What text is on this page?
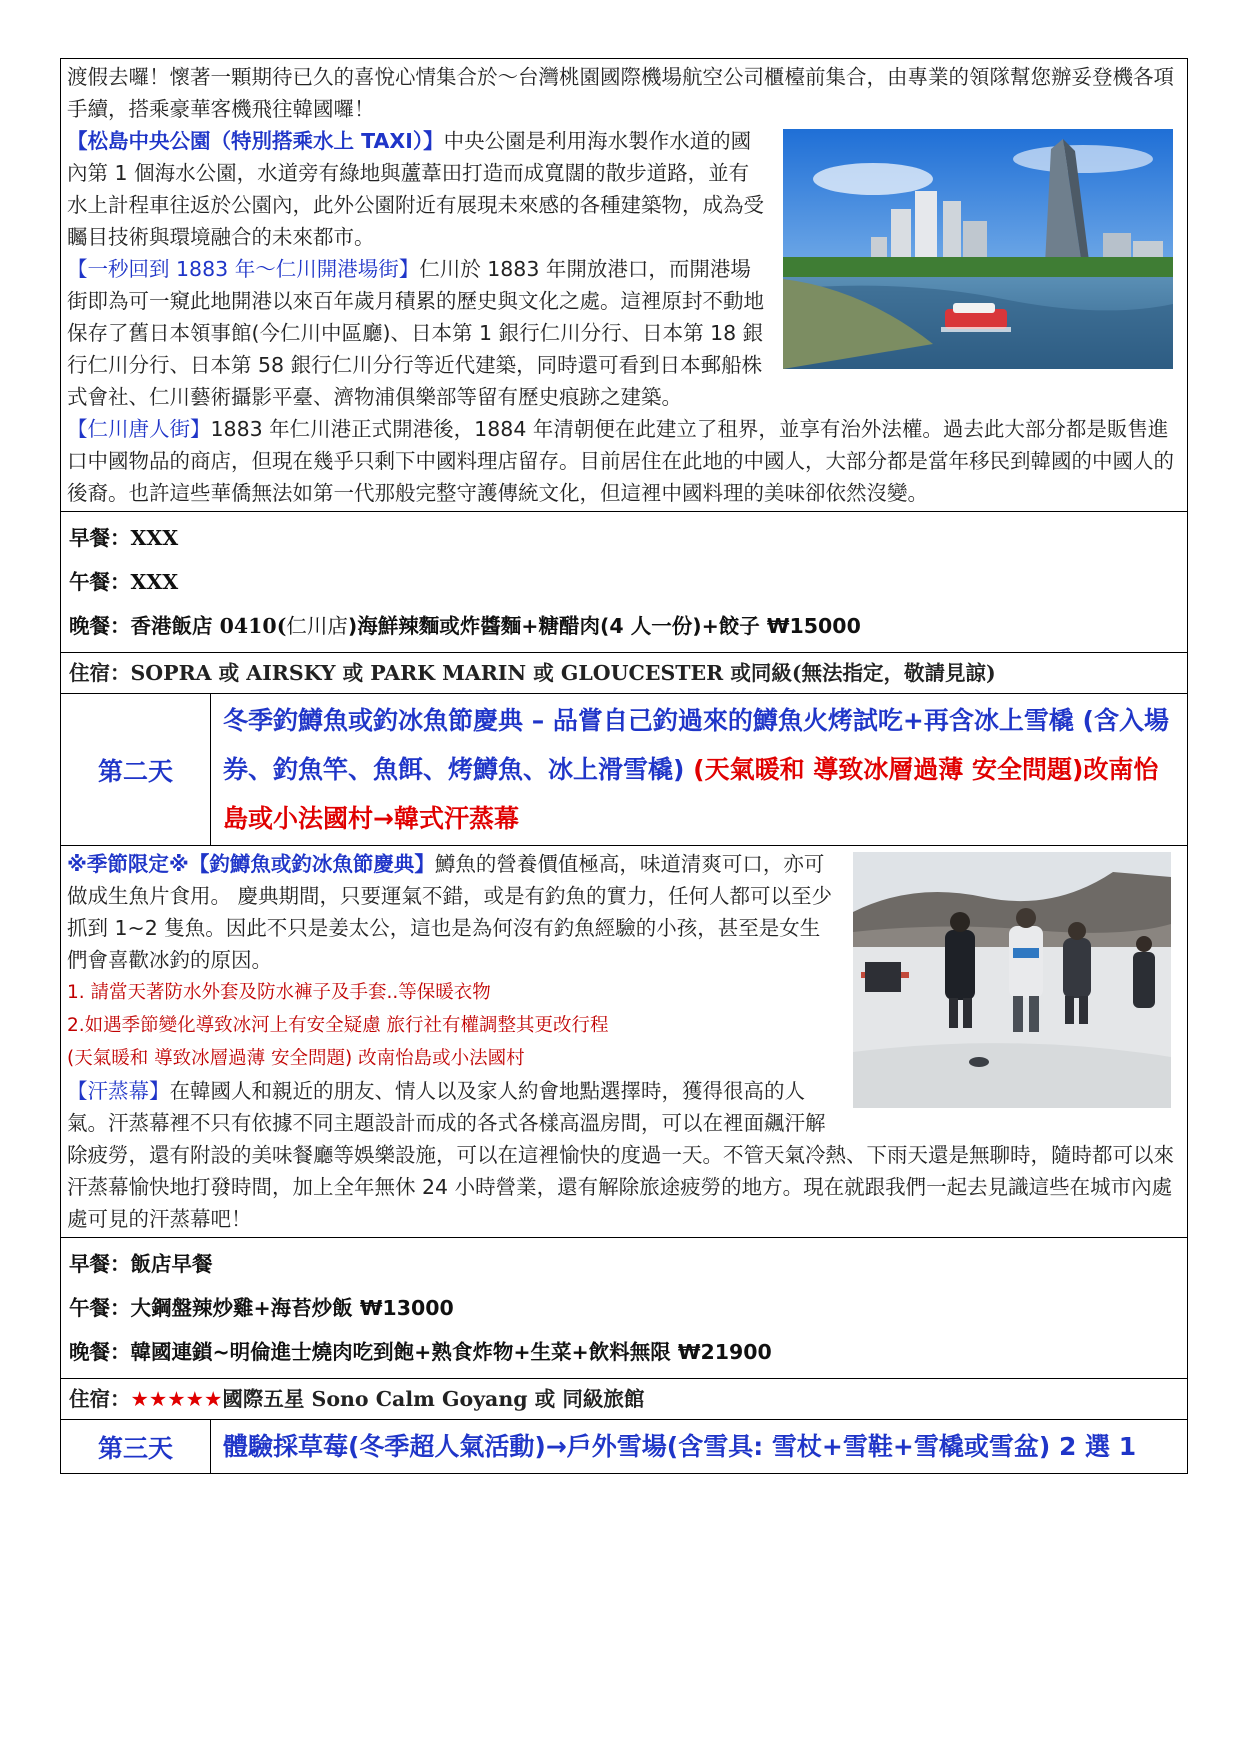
渡假去囉！懷著一顆期待已久的喜悅心情集合於～台灣桃園國際機場航空公司櫃檯前集合，由專業的領隊幫您辦妥登機各項手續，搭乘豪華客機飛往韓國囉！
【松島中央公園（特別搭乘水上 TAXI）】中央公園是利用海水製作水道的國內第 1 個海水公園，水道旁有綠地與蘆葦田打造而成寬闊的散步道路，並有水上計程車往返於公園內，此外公園附近有展現未來感的各種建築物，成為受矚目技術與環境融合的未來都市。
【一秒回到 1883 年～仁川開港場街】仁川於 1883 年開放港口，而開港場街即為可一窺此地開港以來百年歲月積累的歷史與文化之處。這裡原封不動地保存了舊日本領事館(今仁川中區廳)、日本第 1 銀行仁川分行、日本第 18 銀行仁川分行、日本第 58 銀行仁川分行等近代建築，同時還可看到日本郵船株式會社、仁川藝術攝影平臺、濟物浦俱樂部等留有歷史痕跡之建築。
【仁川唐人街】1883 年仁川港正式開港後，1884 年清朝便在此建立了租界，並享有治外法權。過去此大部分都是販售進口中國物品的商店，但現在幾乎只剩下中國料理店留存。目前居住在此地的中國人，大部分都是當年移民到韓國的中國人的後裔。也許這些華僑無法如第一代那般完整守護傳統文化，但這裡中國料理的美味卻依然沒變。	

早餐：XXX
午餐：XXX
晚餐：香港飯店 0410(仁川店)海鮮辣麵或炸醬麵+糖醋肉(4 人一份)+餃子 ₩15000	

住宿：SOPRA 或 AIRSKY 或 PARK MARIN 或 GLOUCESTER 或同級(無法指定，敬請見諒)	
第二天	冬季釣鱒魚或釣冰魚節慶典 – 品嘗自己釣過來的鱒魚火烤試吃+再含冰上雪橇 (含入場券、釣魚竿、魚餌、烤鱒魚、冰上滑雪橇) (天氣暖和 導致冰層過薄 安全問題)改南怡島或小法國村→韓式汗蒸幕

※季節限定※【釣鱒魚或釣冰魚節慶典】鱒魚的營養價值極高，味道清爽可口，亦可做成生魚片食用。 慶典期間，只要運氣不錯，或是有釣魚的實力，任何人都可以至少抓到 1~2 隻魚。因此不只是姜太公，這也是為何沒有釣魚經驗的小孩，甚至是女生們會喜歡冰釣的原因。
1. 請當天著防水外套及防水褲子及手套..等保暖衣物
2.如遇季節變化導致冰河上有安全疑慮 旅行社有權調整其更改行程
(天氣暖和 導致冰層過薄 安全問題) 改南怡島或小法國村
【汗蒸幕】在韓國人和親近的朋友、情人以及家人約會地點選擇時，獲得很高的人氣。汗蒸幕裡不只有依據不同主題設計而成的各式各樣高溫房間，可以在裡面飆汗解除疲勞，還有附設的美味餐廳等娛樂設施，可以在這裡愉快的度過一天。不管天氣冷熱、下雨天還是無聊時，隨時都可以來汗蒸幕愉快地打發時間，加上全年無休 24 小時營業，還有解除旅途疲勞的地方。現在就跟我們一起去見識這些在城市內處處可見的汗蒸幕吧！	

早餐：飯店早餐
午餐：大鋼盤辣炒雞+海苔炒飯 ₩13000
晚餐：韓國連鎖~明倫進士燒肉吃到飽+熟食炸物+生菜+飲料無限 ₩21900	

住宿：★★★★★國際五星 Sono Calm Goyang 或 同級旅館	
第三天	體驗採草莓(冬季超人氣活動)→戶外雪場(含雪具: 雪杖+雪鞋+雪橇或雪盆) 2 選 1
